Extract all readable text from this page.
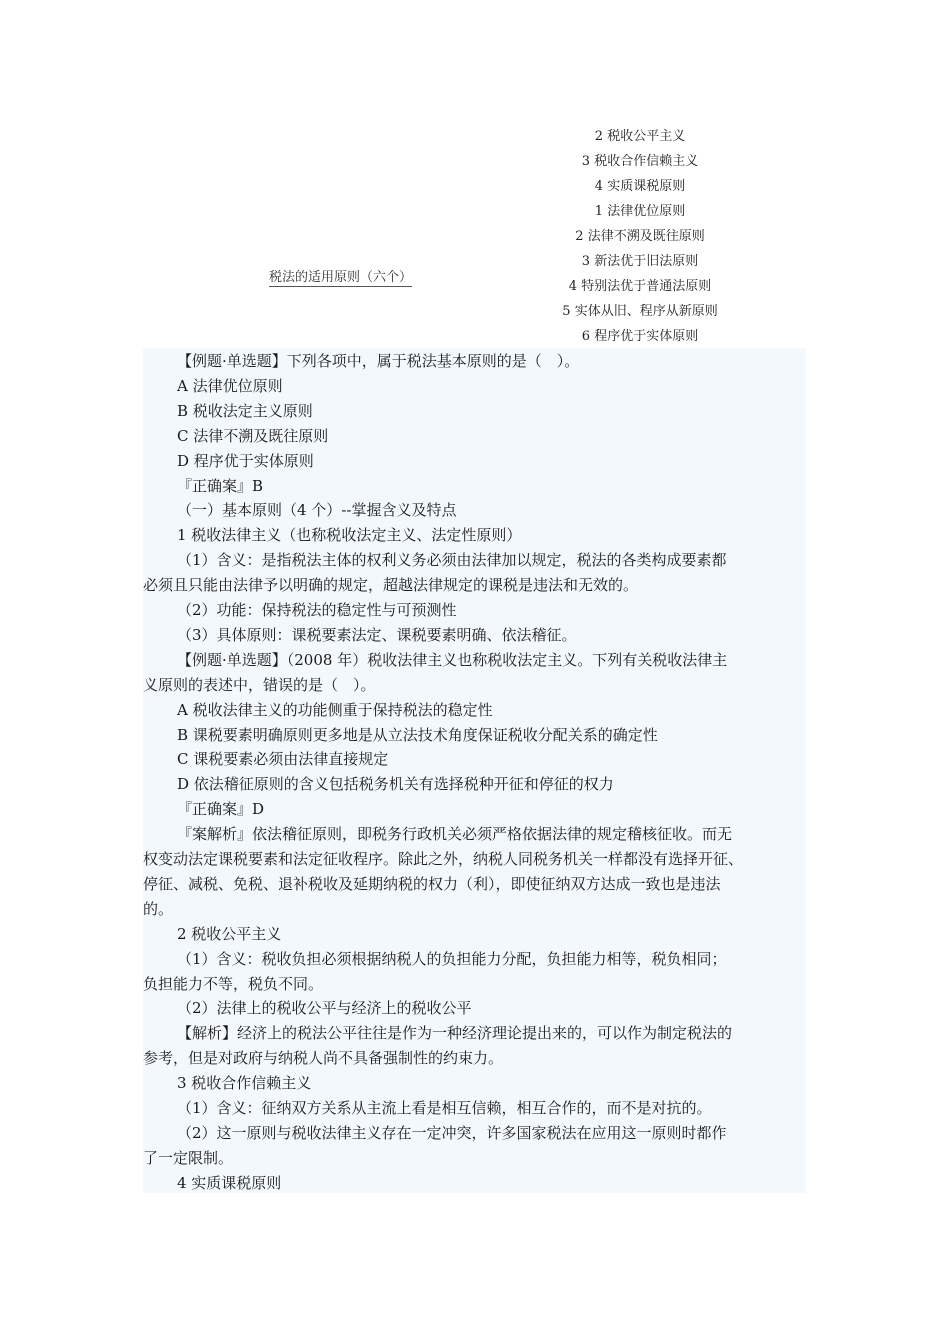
税法的适用原则（六个）
2 税收公平主义
3 税收合作信赖主义
4 实质课税原则
1 法律优位原则
2 法律不溯及既往原则
3 新法优于旧法原则
4 特别法优于普通法原则
5 实体从旧、程序从新原则
6 程序优于实体原则
【例题·单选题】下列各项中，属于税法基本原则的是（　）。
A 法律优位原则
B 税收法定主义原则
C 法律不溯及既往原则
D 程序优于实体原则
『正确案』B
（一）基本原则（4 个）--掌握含义及特点
1 税收法律主义（也称税收法定主义、法定性原则）
（1）含义：是指税法主体的权利义务必须由法律加以规定，税法的各类构成要素都
必须且只能由法律予以明确的规定，超越法律规定的课税是违法和无效的。
（2）功能：保持税法的稳定性与可预测性
（3）具体原则：课税要素法定、课税要素明确、依法稽征。
【例题·单选题】（2008 年）税收法律主义也称税收法定主义。下列有关税收法律主
义原则的表述中，错误的是（　）。
A 税收法律主义的功能侧重于保持税法的稳定性
B 课税要素明确原则更多地是从立法技术角度保证税收分配关系的确定性
C 课税要素必须由法律直接规定
D 依法稽征原则的含义包括税务机关有选择税种开征和停征的权力
『正确案』D
『案解析』依法稽征原则，即税务行政机关必须严格依据法律的规定稽核征收。而无
权变动法定课税要素和法定征收程序。除此之外，纳税人同税务机关一样都没有选择开征、
停征、减税、免税、退补税收及延期纳税的权力（利），即使征纳双方达成一致也是违法
的。
2 税收公平主义
（1）含义：税收负担必须根据纳税人的负担能力分配，负担能力相等，税负相同；
负担能力不等，税负不同。
（2）法律上的税收公平与经济上的税收公平
【解析】经济上的税法公平往往是作为一种经济理论提出来的，可以作为制定税法的
参考，但是对政府与纳税人尚不具备强制性的约束力。
3 税收合作信赖主义
（1）含义：征纳双方关系从主流上看是相互信赖，相互合作的，而不是对抗的。
（2）这一原则与税收法律主义存在一定冲突，许多国家税法在应用这一原则时都作
了一定限制。
4 实质课税原则
